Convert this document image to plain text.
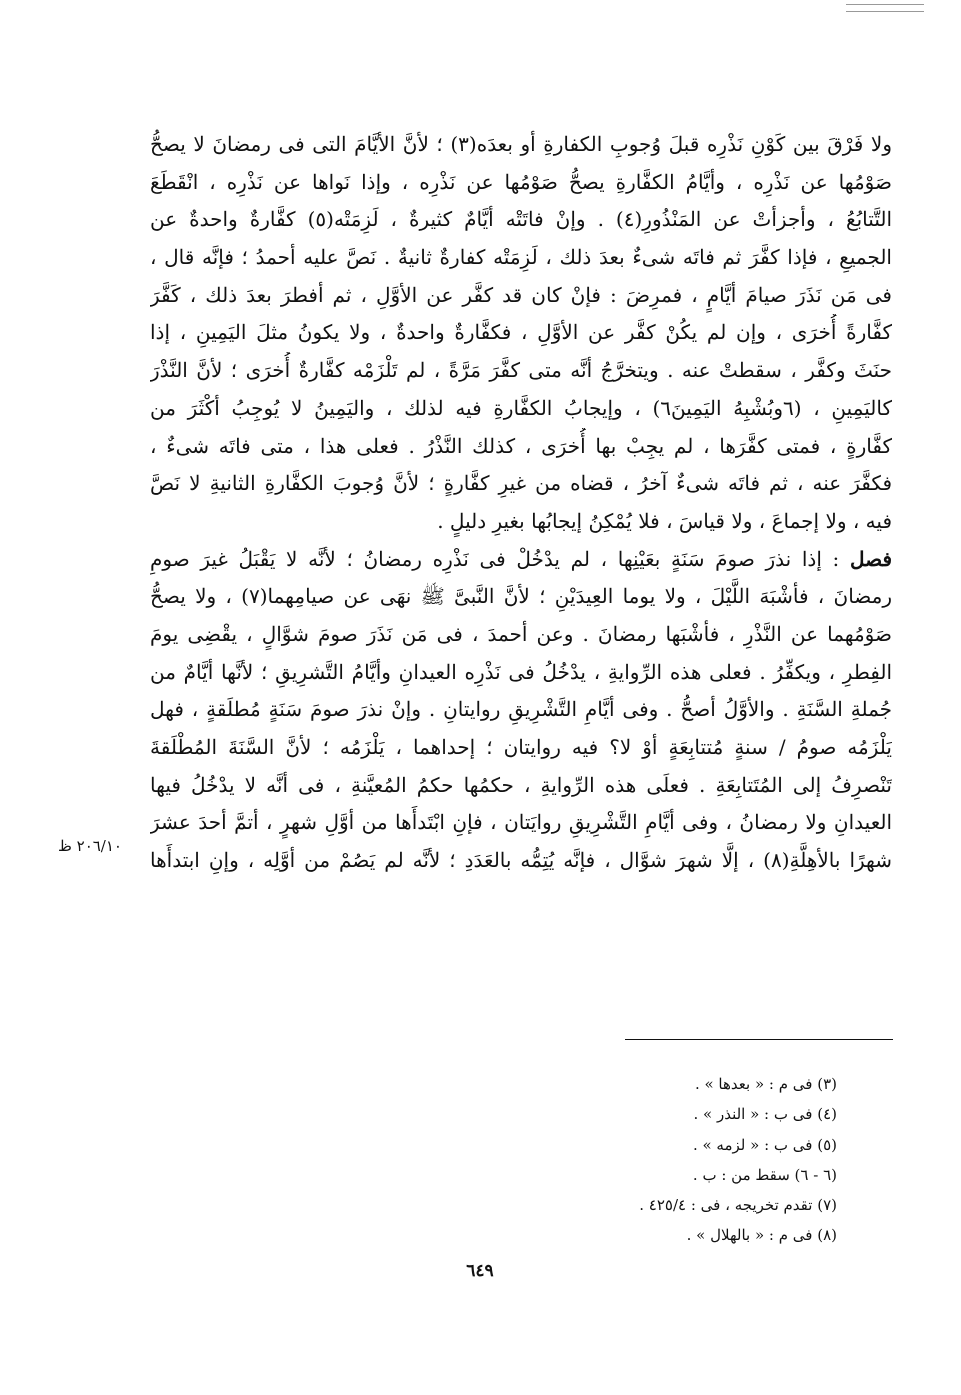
ولا فَرْقَ بين كَوْنِ نَذْرِه قبلَ وُجوبِ الكفارةِ أو بعدَه(٣) ؛ لأنَّ الأيَّامَ التى فى رمضانَ لا يصحُّ
صَوْمُها عن نَذْرِه ، وأيَّامُ الكفَّارةِ يصحُّ صَوْمُها عن نَذْرِه ، وإذا نَواها عن نَذْرِه ، انْقَطَعَ
التَّتابُعُ ، وأجزأتْ عن المَنْذُورِ(٤) . وإنْ فاتَتْه أيَّامٌ كثيرةٌ ، لَزِمَتْه(٥) كفَّارةٌ واحدةٌ عن
الجميعِ ، فإذا كفَّرَ ثم فاتَه شىءٌ بعدَ ذلك ، لَزِمَتْه كفارةٌ ثانيةٌ . نَصَّ عليه أحمدُ ؛ فإنَّه قال ،
فى مَن نَذَرَ صيامَ أيَّامٍ ، فمرِضَ : فإنْ كان قد كفَّر عن الأوَّلِ ، ثم أفطرَ بعدَ ذلك ، كَفَّرَ
كفَّارةً أُخرَى ، وإن لم يكُنْ كفَّر عن الأوَّلِ ، فكفَّارةٌ واحدةٌ ، ولا يكونُ مثلَ اليَمِينِ ، إذا
حنَثَ وكفَّر ، سقطتْ عنه . ويتخرَّجُ أنَّه متى كفَّرَ مَرَّةً ، لم تَلْزَمْه كفَّارةٌ أُخرَى ؛ لأنَّ النَّذْرَ
كاليَمِينِ ، (٦وبُشْبِهُ اليَمِينَ٦) ، وإيجابُ الكفَّارةِ فيه لذلك ، واليَمِينُ لا يُوجِبُ أكْثَرَ من
كفَّارةٍ ، فمتى كفَّرَها ، لم يجِبْ بها أُخرَى ، كذلك النَّذْرُ . فعلى هذا ، متى فاتَه شىءٌ ،
فكفَّرَ عنه ، ثم فاتَه شىءٌ آخرُ ، قضاه من غيرِ كفَّارةٍ ؛ لأنَّ وُجوبَ الكفَّارةِ الثانيةِ لا نَصَّ
فيه ، ولا إجماعَ ، ولا قياسَ ، فلا يُمْكِنُ إيجابُها بغيرِ دليلٍ .
فصل : إذا نذرَ صومَ سَنَةٍ بعَيْنِها ، لم يدْخُلْ فى نَذْرِه رمضانُ ؛ لأنَّه لا يَقْبَلُ غيرَ صومِ
رمضانَ ، فأشْبَهَ اللَّيْلَ ، ولا يوما العِيدَيْنِ ؛ لأنَّ النَّبىَّ ﷺ نهَى عن صيامِهما(٧) ، ولا يصحُّ
صَوْمُهما عن النَّذْرِ ، فأشْبَها رمضانَ . وعن أحمدَ ، فى مَن نَذَرَ صومَ شوَّالٍ ، يقْضِى يومَ
الفِطرِ ، ويكفِّرُ . فعلى هذه الرِّوايةِ ، يدْخُلُ فى نَذْرِه العيدانِ وأيَّامُ التَّشرِيقِ ؛ لأنَّها أيَّامٌ من
جُملةِ السَّنَةِ . والأوَّلُ أصحُّ . وفى أيَّامِ التَّشْرِيقِ روايتانِ . وإنْ نذرَ صومَ سَنَةٍ مُطلَقةٍ ، فهل
يَلْزَمُه صومُ / سنةٍ مُتتابِعَةٍ أوْ لا؟ فيه روايتان ؛ إحداهما ، يَلْزَمُه ؛ لأنَّ السَّنَةَ المُطْلَقةَ
تَنْصرِفُ إلى المُتَتابِعَةِ . فعلَى هذه الرِّوايةِ ، حكمُها حكمُ المُعيَّنةِ ، فى أنَّه لا يدْخُلُ فيها
العيدانِ ولا رمضانُ ، وفى أيَّامِ التَّشْرِيقِ روايَتان ، فإنِ ابْتَدأَها من أوَّلِ شهرٍ ، أتمَّ أحدَ عشرَ
شهرًا بالأهِلَّةِ(٨) ، إلَّا شهرَ شوَّال ، فإنَّه يُتِمُّه بالعَدَدِ ؛ لأنَّه لم يَصُمْ من أوَّلِه ، وإنِ ابتدأَها
٢٠٦/١٠ ظ
(٣) فى م : « بعدها » .
(٤) فى ب : « النذر » .
(٥) فى ب : « لزمه » .
(٦ - ٦) سقط من : ب .
(٧) تقدم تخريجه ، فى : ٤٢٥/٤ .
(٨) فى م : « بالهلال » .
٦٤٩
